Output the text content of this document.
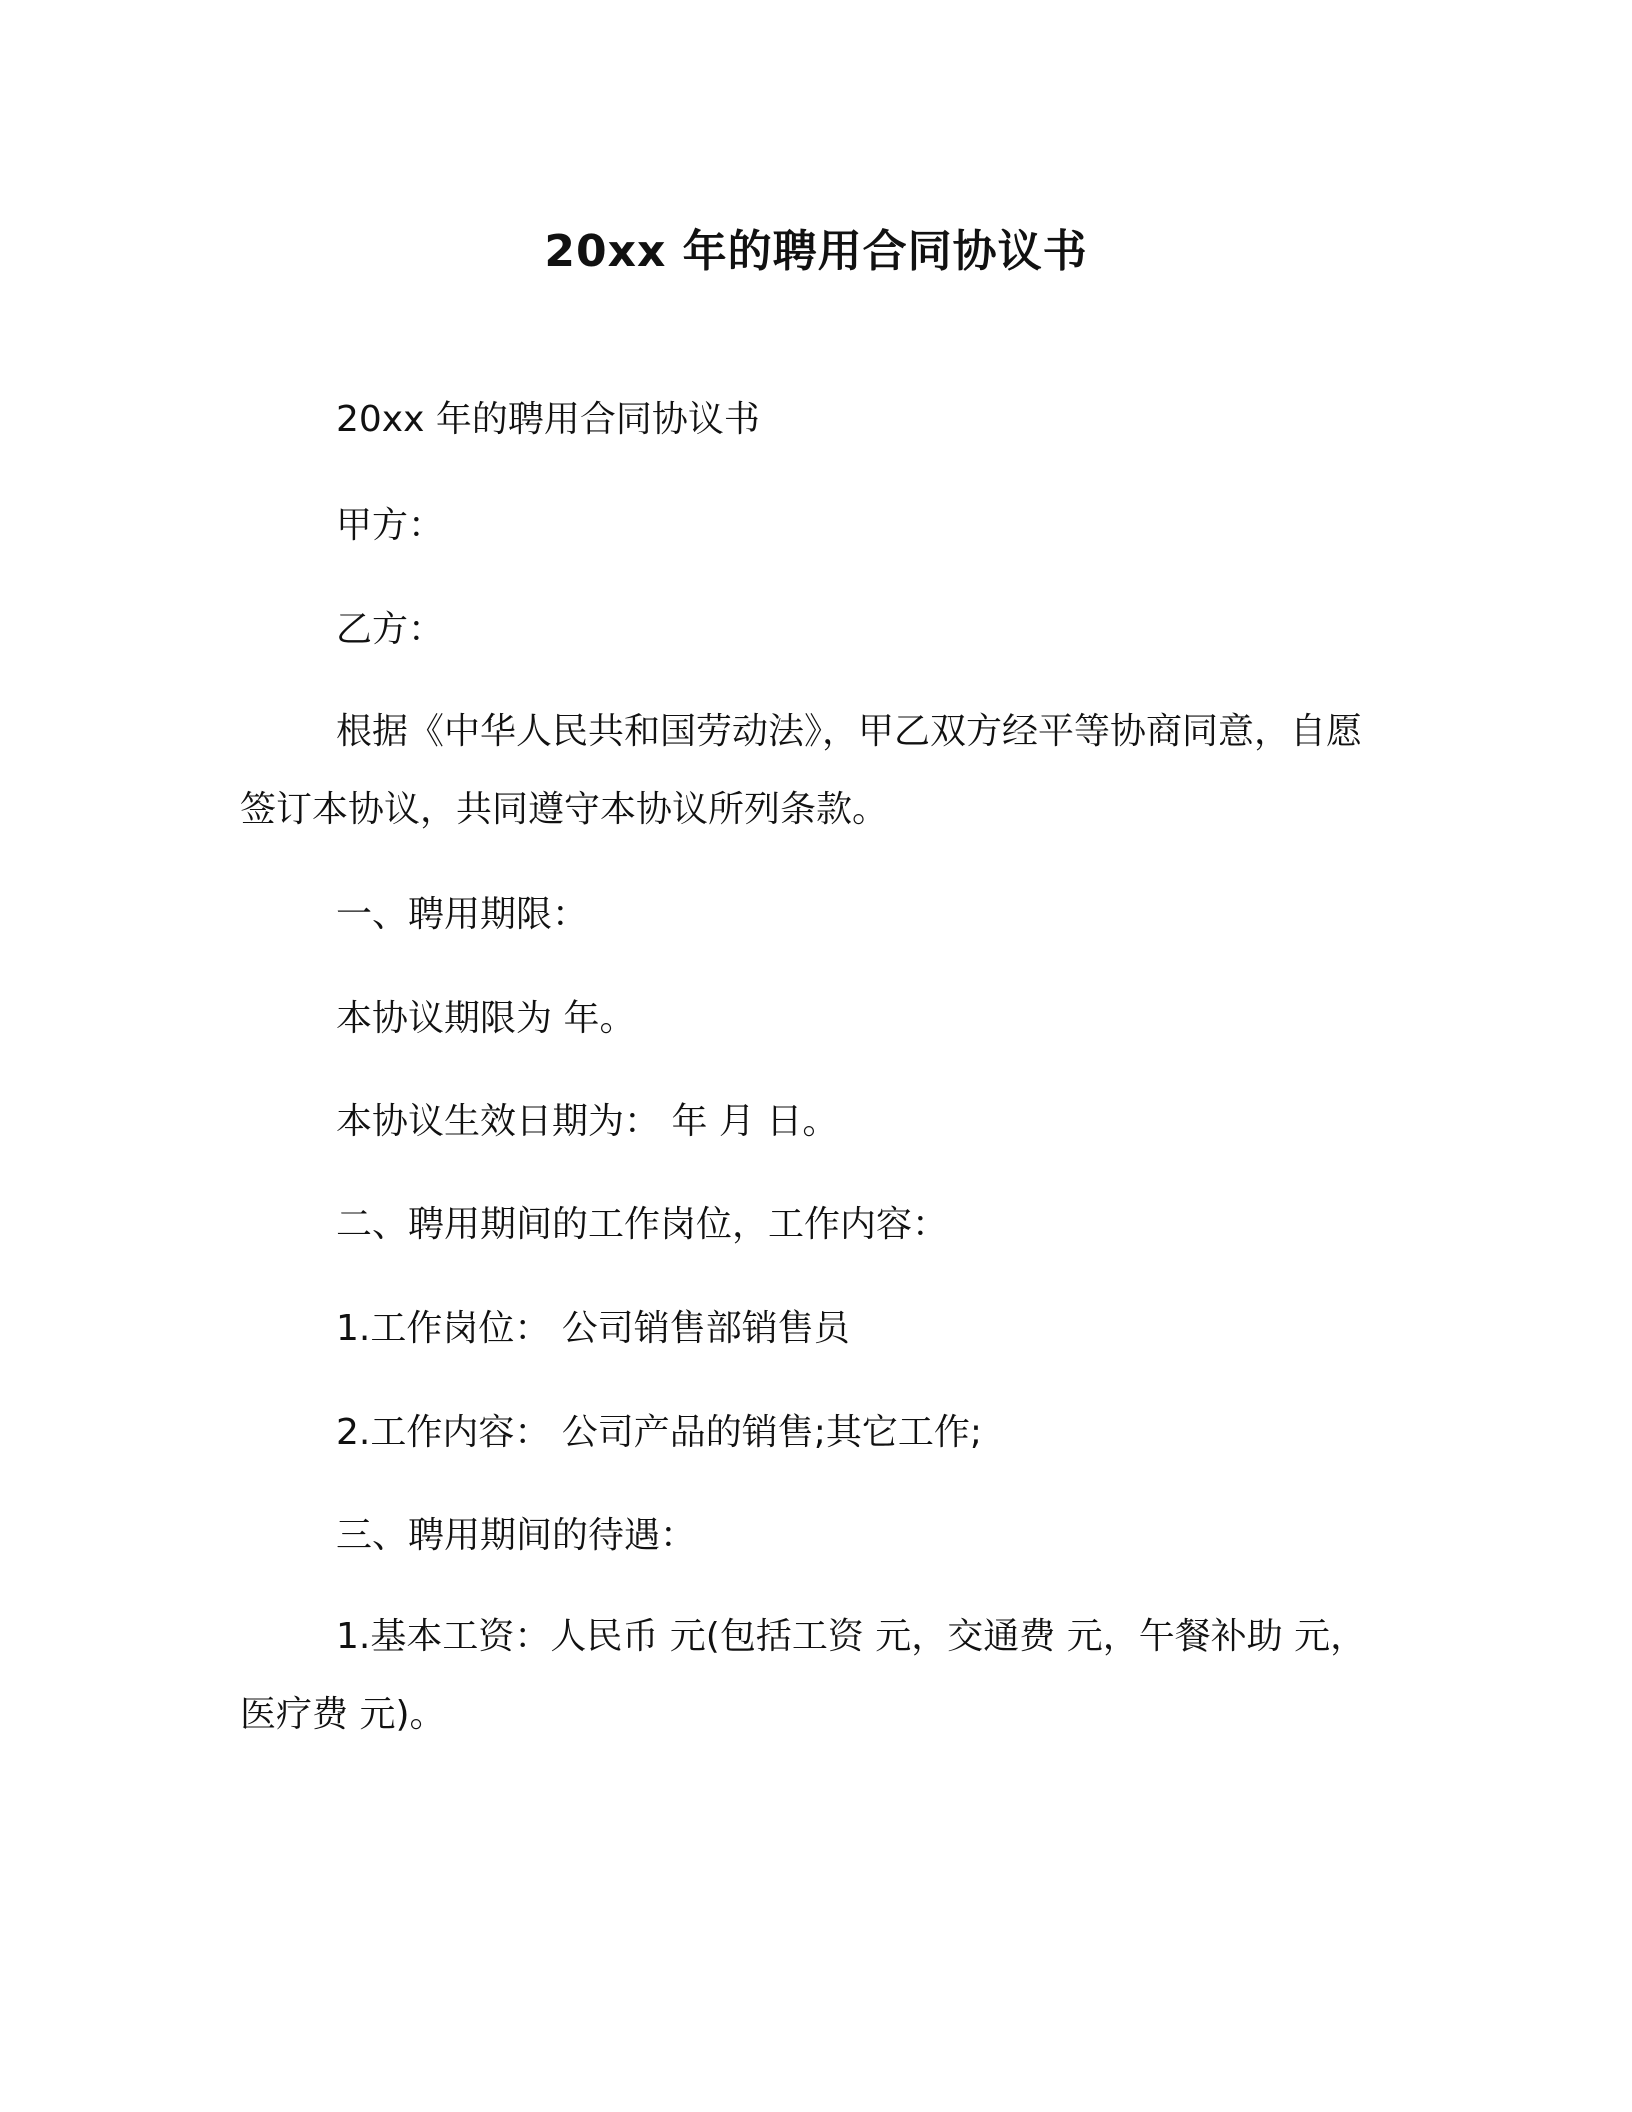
20xx 年的聘用合同协议书
20xx 年的聘用合同协议书
甲方：
乙方：
根据《中华人民共和国劳动法》，甲乙双方经平等协商同意，自愿签订本协议，共同遵守本协议所列条款。
一、聘用期限：
本协议期限为 年。
本协议生效日期为： 年 月 日。
二、聘用期间的工作岗位，工作内容：
1.工作岗位： 公司销售部销售员
2.工作内容： 公司产品的销售;其它工作;
三、聘用期间的待遇：
1.基本工资：人民币 元(包括工资 元，交通费 元，午餐补助 元，医疗费 元)。
